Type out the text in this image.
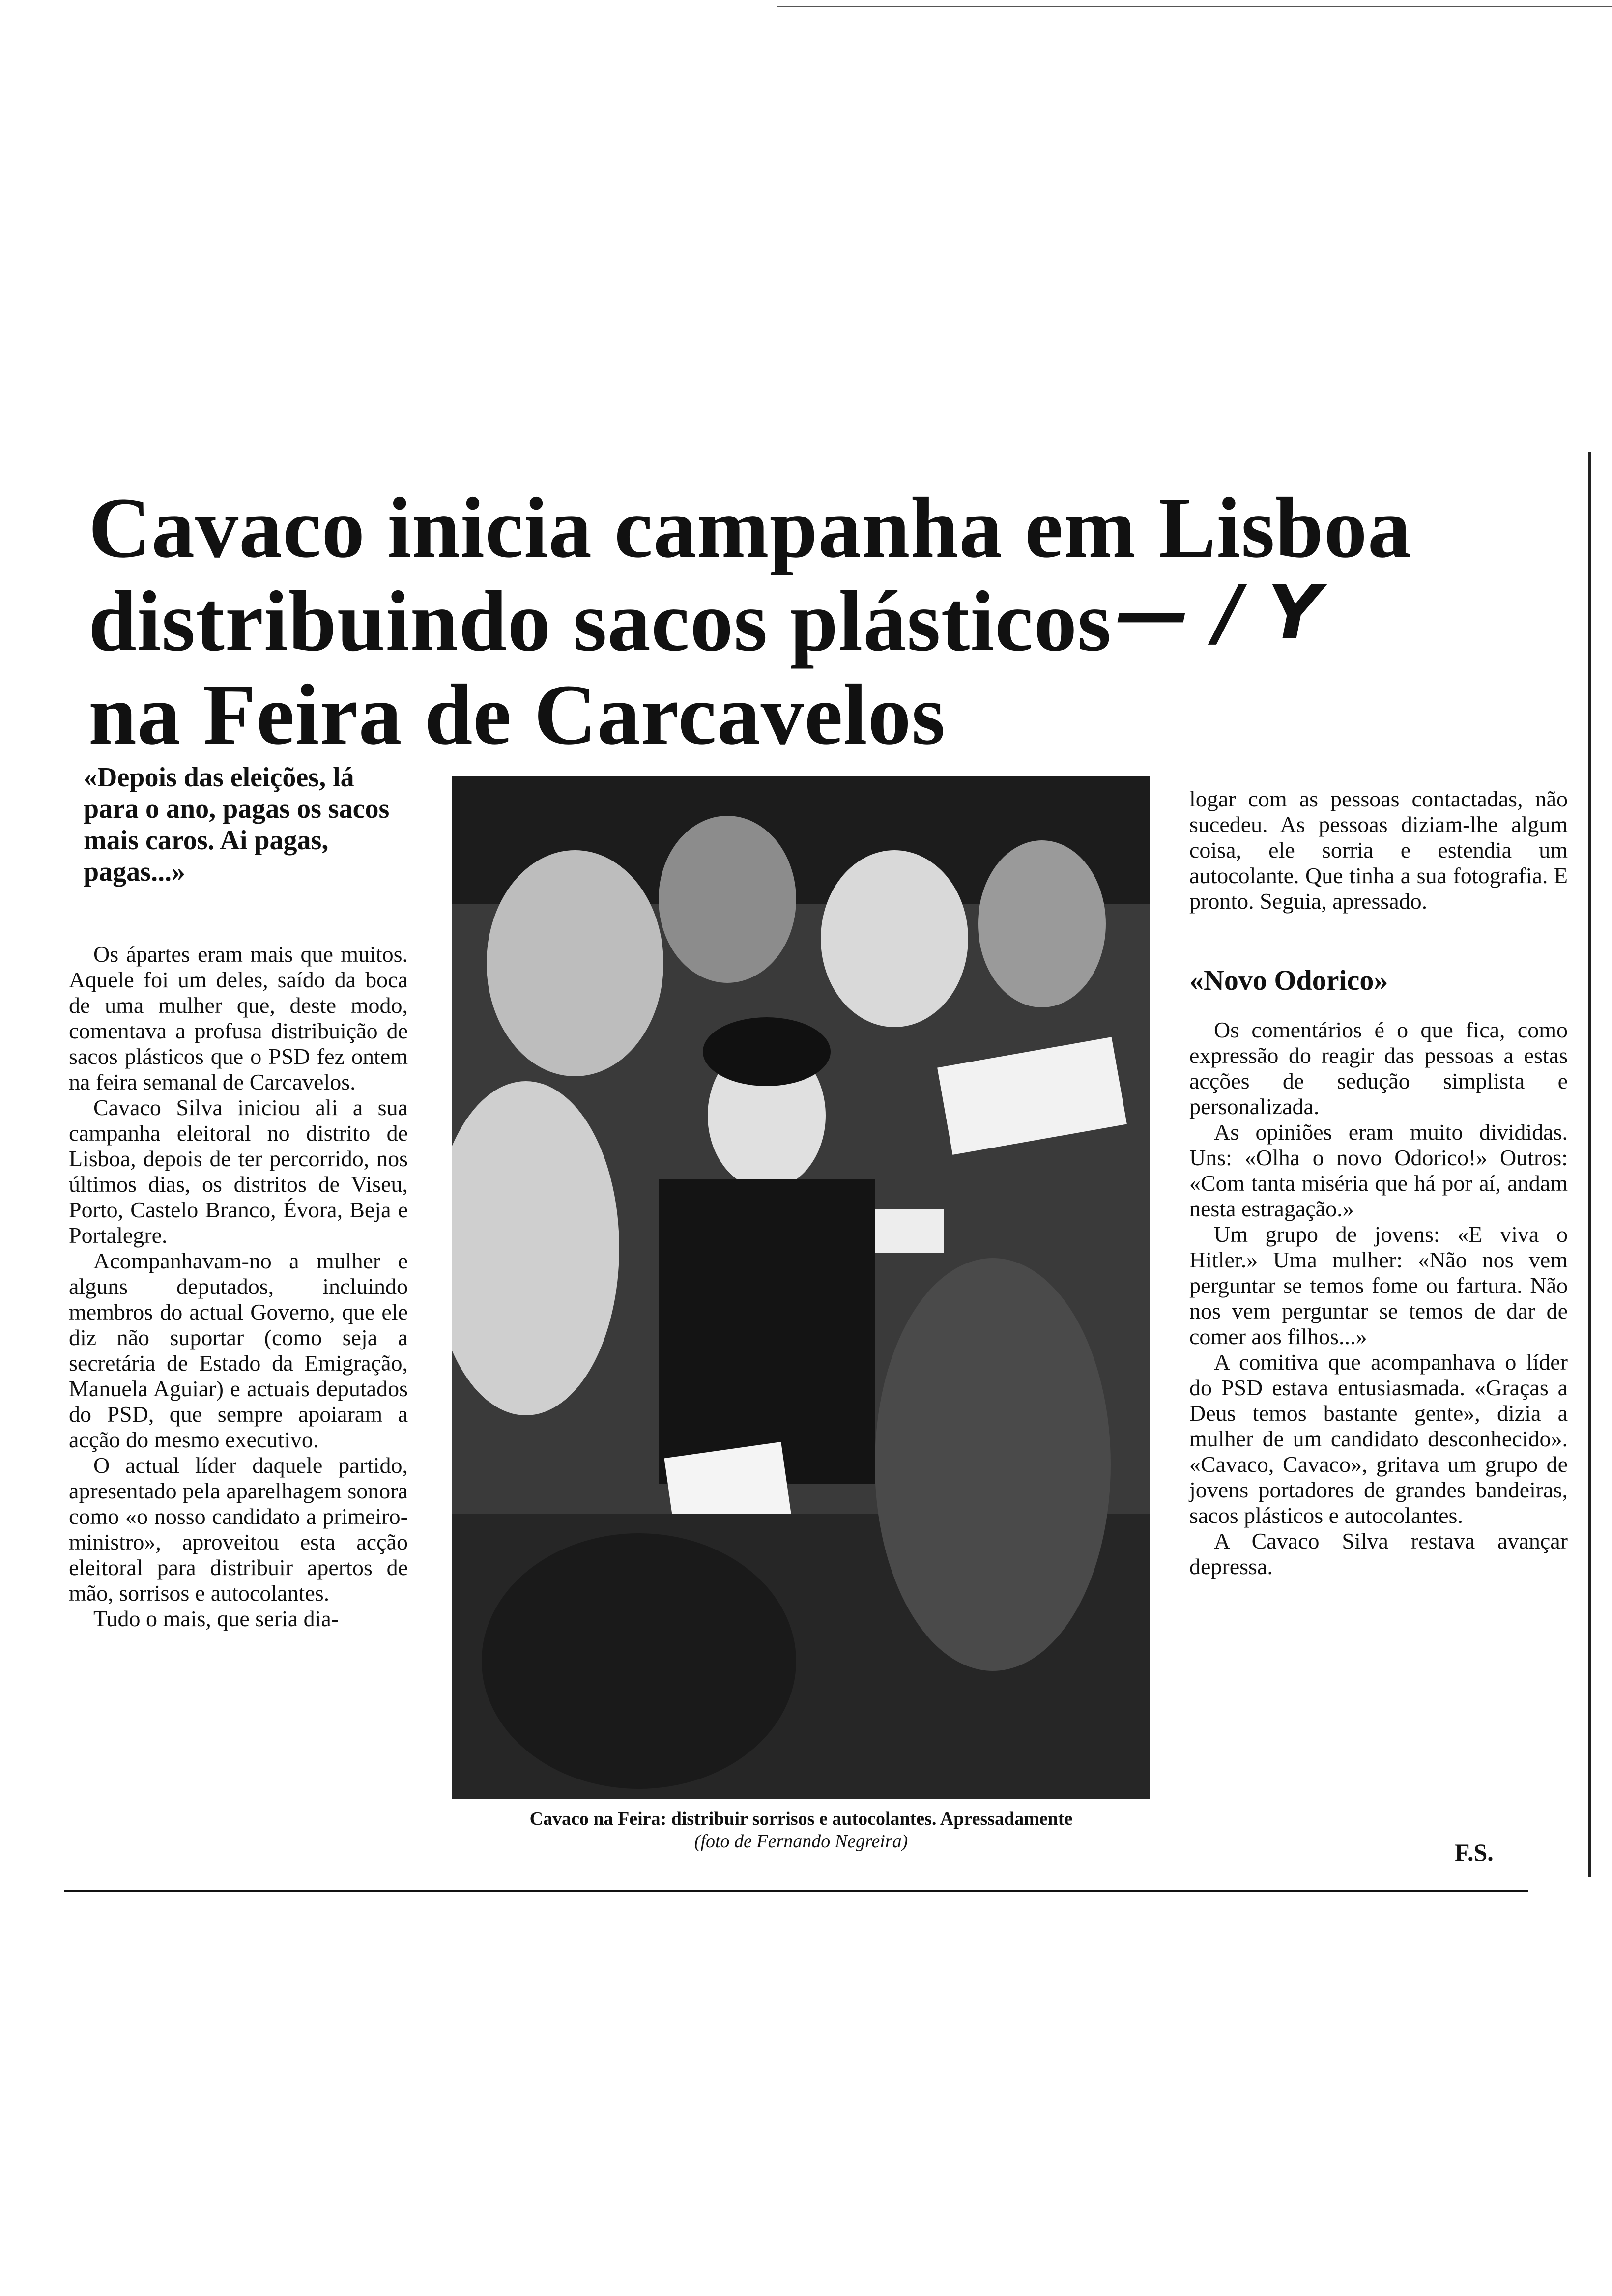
Cavaco inicia campanha em Lisboa
distribuindo sacos plásticos
na Feira de Carcavelos
— / Y

«Depois das eleições, lá para o ano, pagas os sacos mais caros. Ai pagas, pagas...»

Os ápartes eram mais que muitos. Aquele foi um deles, saído da boca de uma mulher que, deste modo, comentava a profusa distribuição de sacos plásticos que o PSD fez ontem na feira semanal de Carcavelos.

Cavaco Silva iniciou ali a sua campanha eleitoral no distrito de Lisboa, depois de ter percorrido, nos últimos dias, os distritos de Viseu, Porto, Castelo Branco, Évora, Beja e Portalegre.

Acompanhavam-no a mulher e alguns deputados, incluindo membros do actual Governo, que ele diz não suportar (como seja a secretária de Estado da Emigração, Manuela Aguiar) e actuais deputados do PSD, que sempre apoiaram a acção do mesmo executivo.

O actual líder daquele partido, apresentado pela aparelhagem sonora como «o nosso candidato a primeiro-ministro», aproveitou esta acção eleitoral para distribuir apertos de mão, sorrisos e autocolantes.

Tudo o mais, que seria dia-

Cavaco na Feira: distribuir sorrisos e autocolantes. Apressadamente
(foto de Fernando Negreira)

logar com as pessoas contactadas, não sucedeu. As pessoas diziam-lhe algum coisa, ele sorria e estendia um autocolante. Que tinha a sua fotografia. E pronto. Seguia, apressado.

«Novo Odorico»

Os comentários é o que fica, como expressão do reagir das pessoas a estas acções de sedução simplista e personalizada.

As opiniões eram muito divididas. Uns: «Olha o novo Odorico!» Outros: «Com tanta miséria que há por aí, andam nesta estragação.»

Um grupo de jovens: «E viva o Hitler.» Uma mulher: «Não nos vem perguntar se temos fome ou fartura. Não nos vem perguntar se temos de dar de comer aos filhos...»

A comitiva que acompanhava o líder do PSD estava entusiasmada. «Graças a Deus temos bastante gente», dizia a mulher de um candidato desconhecido». «Cavaco, Cavaco», gritava um grupo de jovens portadores de grandes bandeiras, sacos plásticos e autocolantes.

A Cavaco Silva restava avançar depressa.

F.S.
